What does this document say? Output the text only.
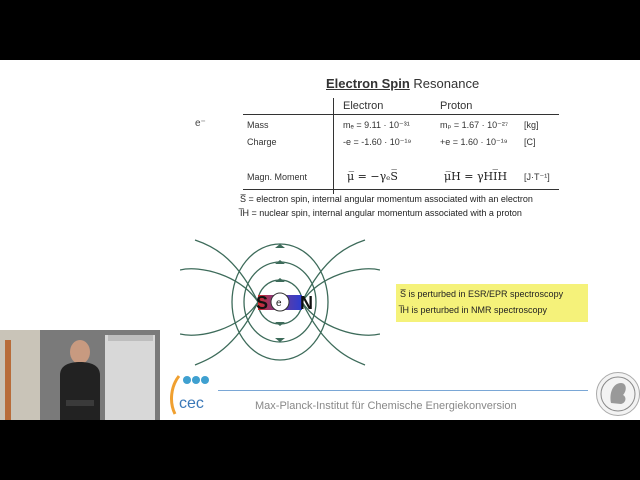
Electron Spin Resonance
e⁻
Electron	Proton
Mass	mₑ = 9.11 · 10⁻³¹	mₚ = 1.67 · 10⁻²⁷ [kg]
Charge	-e = -1.60 · 10⁻¹⁹	+e = 1.60 · 10⁻¹⁹ [C]
Magn. Moment	μ̅ = −γₑS̅	μ̅H = γHI̅H [J·T⁻¹]
S̅ = electron spin, internal angular momentum associated with an electron
I̅H = nuclear spin, internal angular momentum associated with a proton
S e N	S̅ is perturbed in ESR/EPR spectroscopy
I̅H is perturbed in NMR spectroscopy
cec	Max-Planck-Institut für Chemische Energiekonversion
